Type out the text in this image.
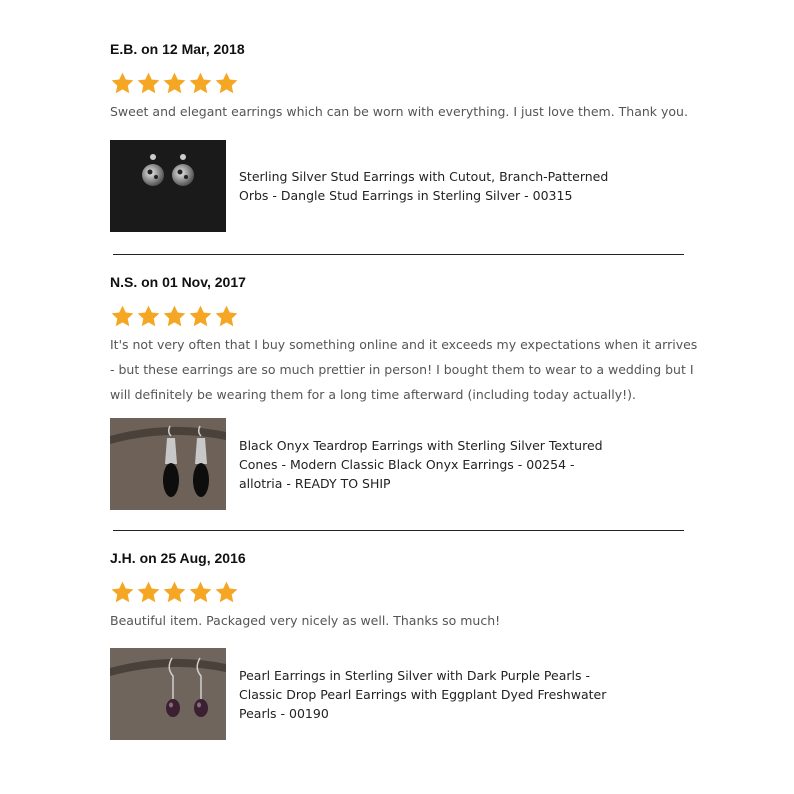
E.B. on 12 Mar, 2018
Sweet and elegant earrings which can be worn with everything. I just love them. Thank you.
Sterling Silver Stud Earrings with Cutout, Branch-Patterned Orbs - Dangle Stud Earrings in Sterling Silver - 00315
N.S. on 01 Nov, 2017
It's not very often that I buy something online and it exceeds my expectations when it arrives - but these earrings are so much prettier in person! I bought them to wear to a wedding but I will definitely be wearing them for a long time afterward (including today actually!).
Black Onyx Teardrop Earrings with Sterling Silver Textured Cones - Modern Classic Black Onyx Earrings - 00254 - allotria - READY TO SHIP
J.H. on 25 Aug, 2016
Beautiful item. Packaged very nicely as well. Thanks so much!
Pearl Earrings in Sterling Silver with Dark Purple Pearls - Classic Drop Pearl Earrings with Eggplant Dyed Freshwater Pearls - 00190
